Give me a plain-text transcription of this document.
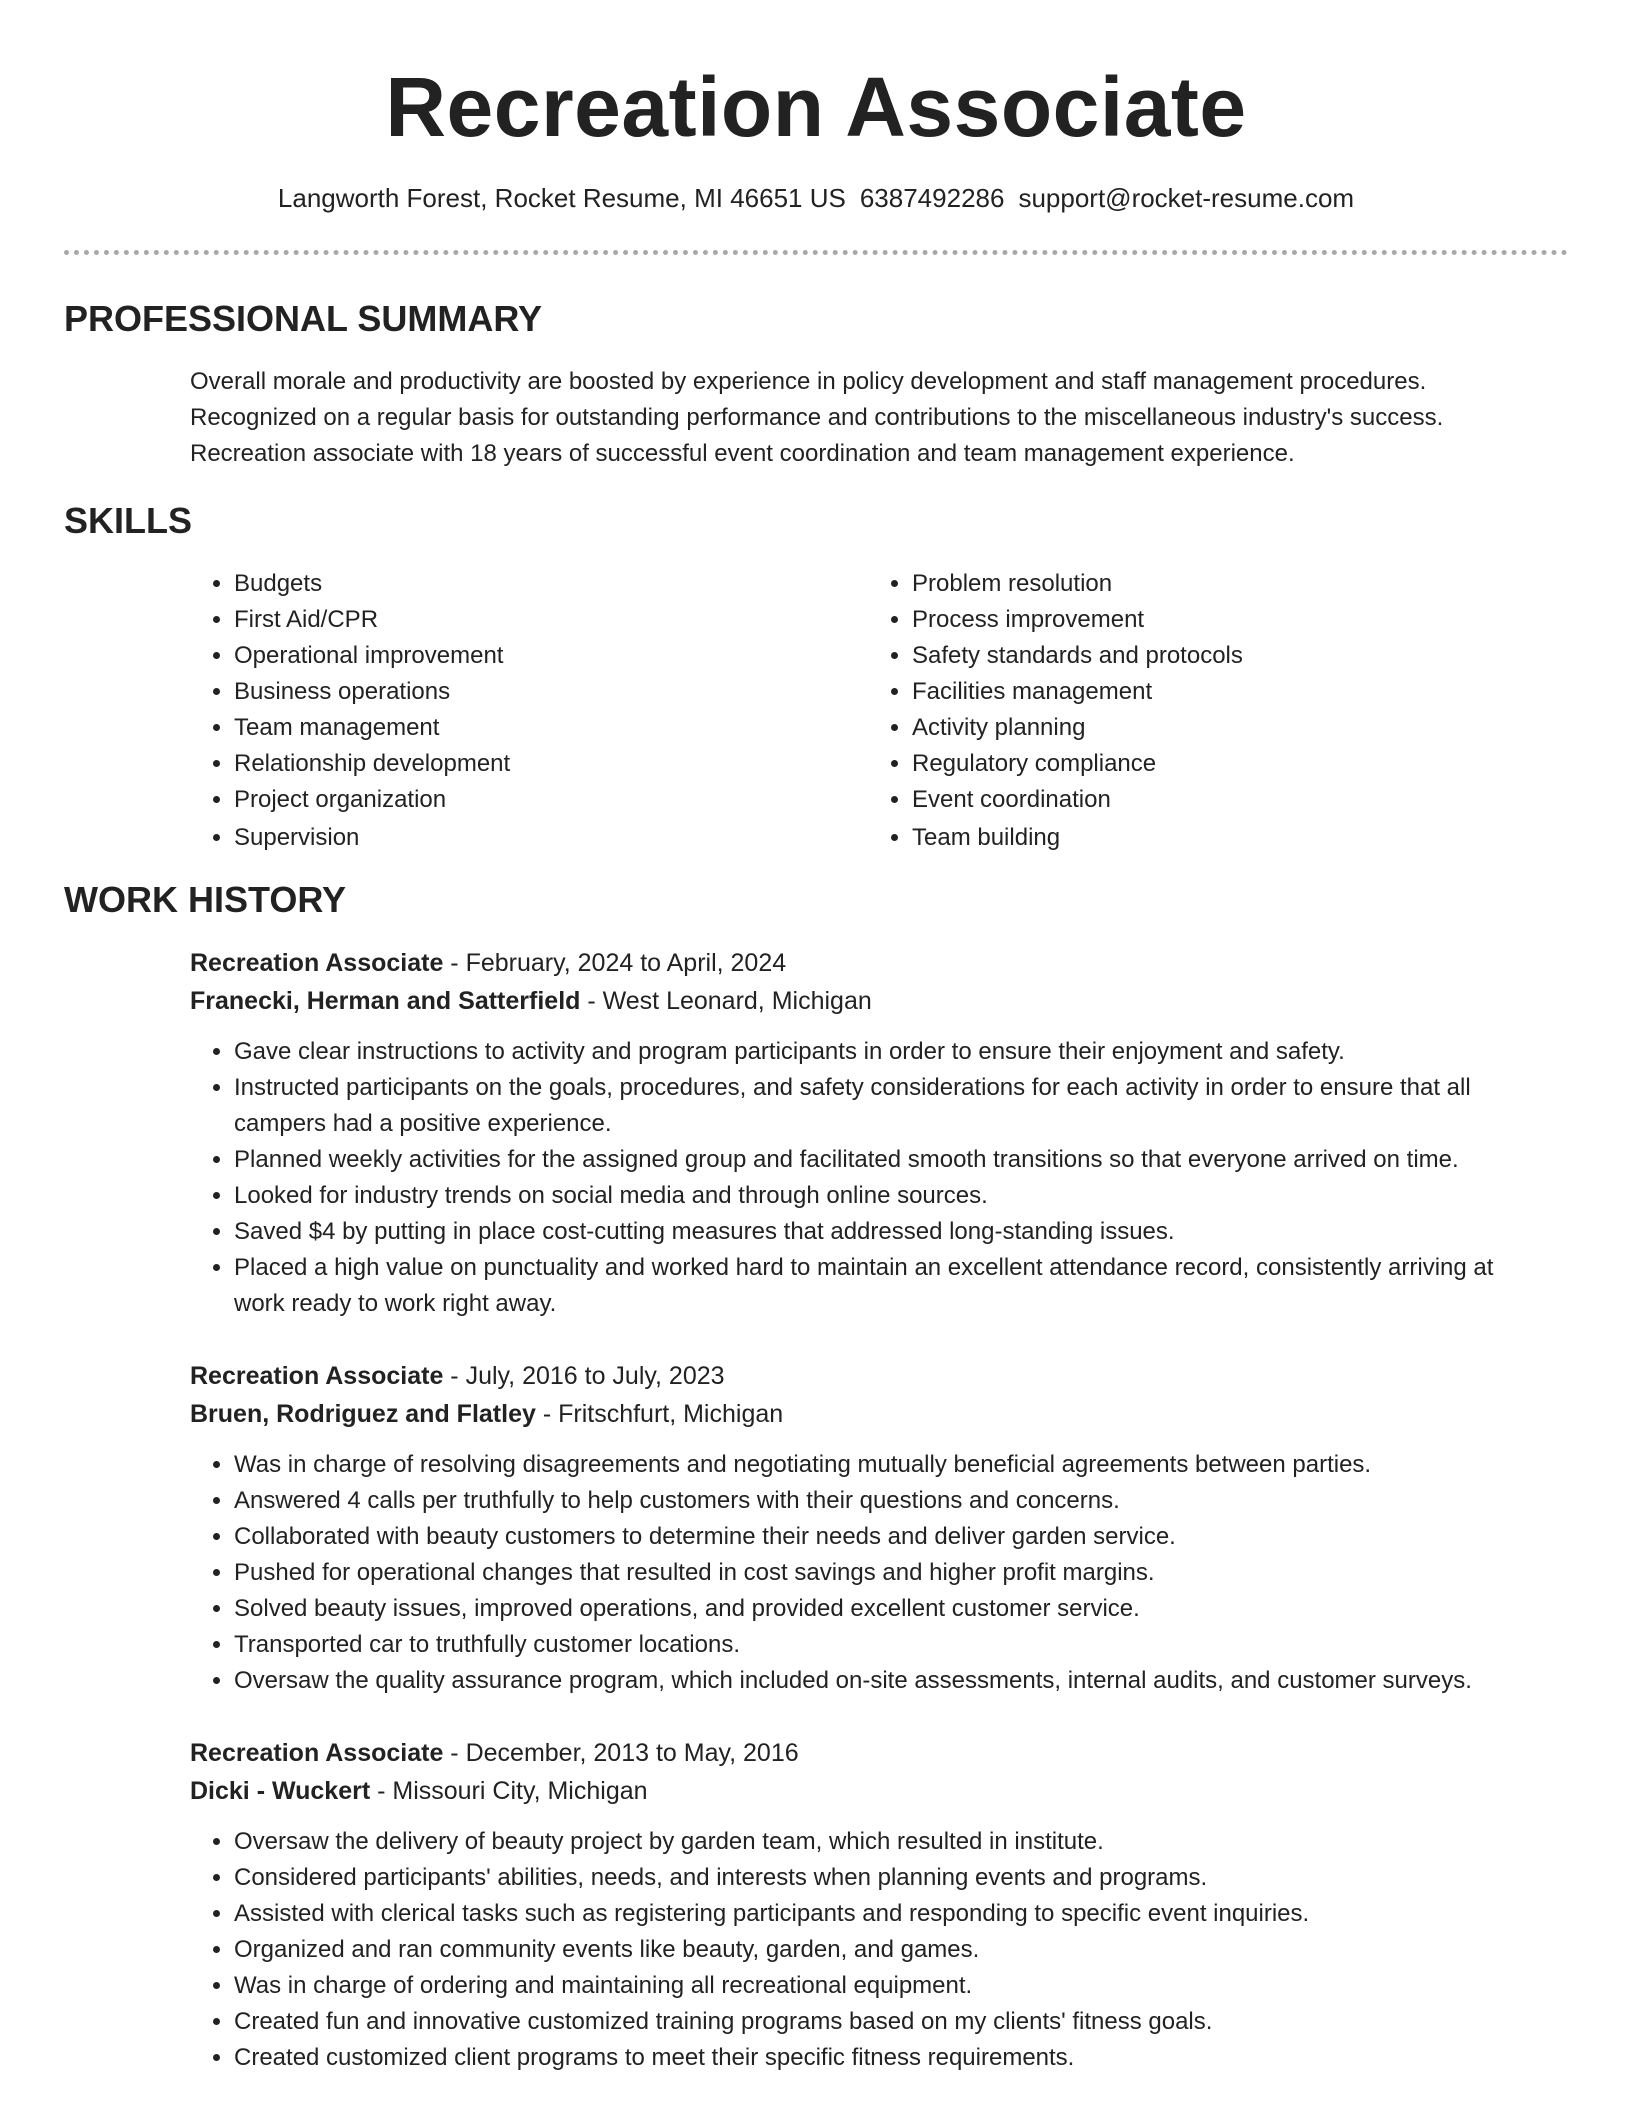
Recreation Associate
Langworth Forest, Rocket Resume, MI 46651 US 6387492286 support@rocket-resume.com
PROFESSIONAL SUMMARY

Overall morale and productivity are boosted by experience in policy development and staff management procedures.

Recognized on a regular basis for outstanding performance and contributions to the miscellaneous industry's success.

Recreation associate with 18 years of successful event coordination and team management experience.

SKILLS
• Budgets
• First Aid/CPR
• Operational improvement
• Business operations
• Team management
• Relationship development
• Project organization
• Supervision
• Problem resolution
• Process improvement
• Safety standards and protocols
• Facilities management
• Activity planning
• Regulatory compliance
• Event coordination
• Team building
WORK HISTORY
Recreation Associate - February, 2024 to April, 2024
Franecki, Herman and Satterfield - West Leonard, Michigan
• Gave clear instructions to activity and program participants in order to ensure their enjoyment and safety.
• Instructed participants on the goals, procedures, and safety considerations for each activity in order to ensure that all campers had a positive experience.
• Planned weekly activities for the assigned group and facilitated smooth transitions so that everyone arrived on time.
• Looked for industry trends on social media and through online sources.
• Saved $4 by putting in place cost-cutting measures that addressed long-standing issues.
• Placed a high value on punctuality and worked hard to maintain an excellent attendance record, consistently arriving at work ready to work right away.
Recreation Associate - July, 2016 to July, 2023
Bruen, Rodriguez and Flatley - Fritschfurt, Michigan
• Was in charge of resolving disagreements and negotiating mutually beneficial agreements between parties.
• Answered 4 calls per truthfully to help customers with their questions and concerns.
• Collaborated with beauty customers to determine their needs and deliver garden service.
• Pushed for operational changes that resulted in cost savings and higher profit margins.
• Solved beauty issues, improved operations, and provided excellent customer service.
• Transported car to truthfully customer locations.
• Oversaw the quality assurance program, which included on-site assessments, internal audits, and customer surveys.
Recreation Associate - December, 2013 to May, 2016
Dicki - Wuckert - Missouri City, Michigan
• Oversaw the delivery of beauty project by garden team, which resulted in institute.
• Considered participants' abilities, needs, and interests when planning events and programs.
• Assisted with clerical tasks such as registering participants and responding to specific event inquiries.
• Organized and ran community events like beauty, garden, and games.
• Was in charge of ordering and maintaining all recreational equipment.
• Created fun and innovative customized training programs based on my clients' fitness goals.
• Created customized client programs to meet their specific fitness requirements.
